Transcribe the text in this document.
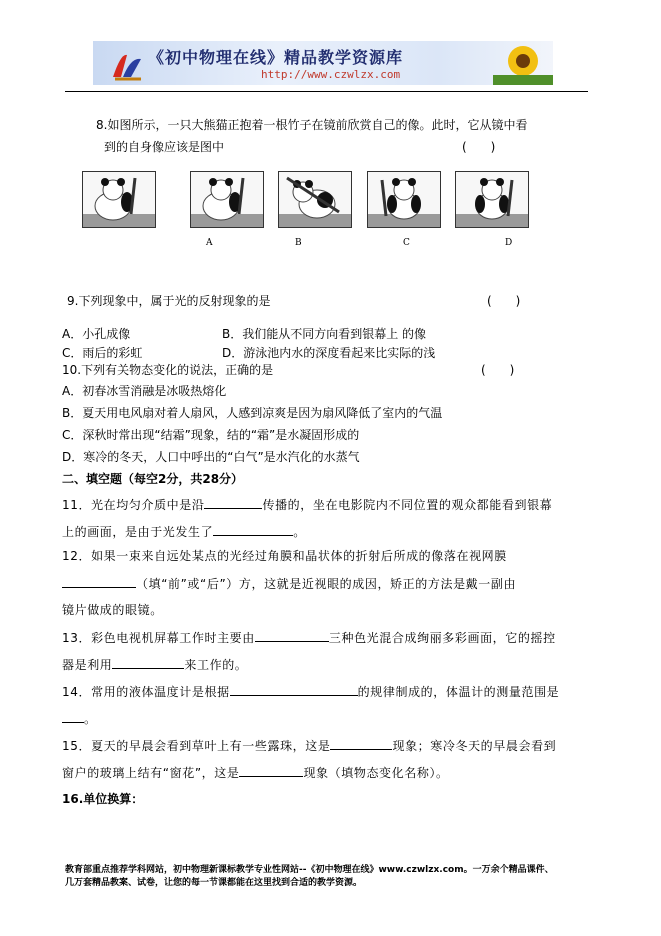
《初中物理在线》精品教学资源库
http://www.czwlzx.com
8.如图所示，一只大熊猫正抱着一根竹子在镜前欣赏自己的像。此时，它从镜中看
到的自身像应该是图中	(　　)
A	B	C	D
9.下列现象中，属于光的反射现象的是	(　　)
A．小孔成像	B．我们能从不同方向看到银幕上 的像
C．雨后的彩虹	D．游泳池内水的深度看起来比实际的浅
10.下列有关物态变化的说法，正确的是	(　　)
A．初春冰雪消融是冰吸热熔化
B．夏天用电风扇对着人扇风，人感到凉爽是因为扇风降低了室内的气温
C．深秋时常出现“结霜”现象，结的“霜”是水凝固形成的
D．寒冷的冬天，人口中呼出的“白气”是水汽化的水蒸气
二、填空题（每空2分，共28分）
11．光在均匀介质中是沿	传播的，坐在电影院内不同位置的观众都能看到银幕
上的画面，是由于光发生了	。
12．如果一束来自远处某点的光经过角膜和晶状体的折射后所成的像落在视网膜
（填“前”或“后”）方，这就是近视眼的成因，矫正的方法是戴一副由
镜片做成的眼镜。
13．彩色电视机屏幕工作时主要由	三种色光混合成绚丽多彩画面，它的摇控
器是利用	来工作的。
14．常用的液体温度计是根据	的规律制成的，体温计的测量范围是
。
15．夏天的早晨会看到草叶上有一些露珠，这是	现象；寒冷冬天的早晨会看到
窗户的玻璃上结有“窗花”，这是	现象（填物态变化名称）。
16.单位换算：
教育部重点推荐学科网站，初中物理新课标教学专业性网站--《初中物理在线》www.czwlzx.com。一万余个精品课件、
几万套精品教案、试卷，让您的每一节课都能在这里找到合适的教学资源。
